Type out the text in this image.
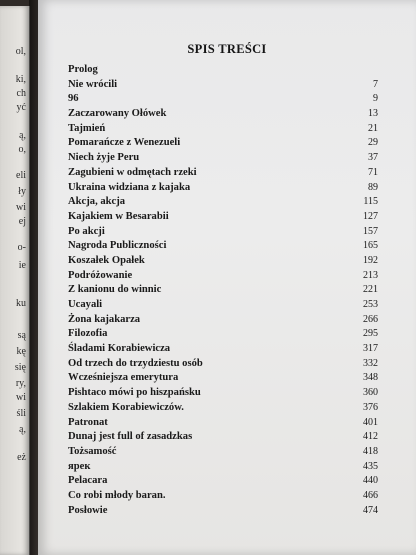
ol,
ki,
ch
yć
ą,
o,
eli
ły
wi
ej
o-
ie
ku
są
kę
się
ry,
wi
śli
ą,
eż
SPIS TREŚCI
Prolog
Nie wrócili	7
96	9
Zaczarowany Ołówek	13
Tajmień	21
Pomarańcze z Wenezueli	29
Niech żyje Peru	37
Zagubieni w odmętach rzeki	71
Ukraina widziana z kajaka	89
Akcja, akcja	115
Kajakiem w Besarabii	127
Po akcji	157
Nagroda Publiczności	165
Koszałek Opałek	192
Podróżowanie	213
Z kanionu do winnic	221
Ucayali	253
Żona kajakarza	266
Filozofia	295
Śladami Korabiewicza	317
Od trzech do trzydziestu osób	332
Wcześniejsza emerytura	348
Pishtaco mówi po hiszpańsku	360
Szlakiem Korabiewiczów.	376
Patronat	401
Dunaj jest full of zasadzkas	412
Tożsamość	418
ярек	435
Pelacara	440
Co robi młody baran.	466
Posłowie	474
